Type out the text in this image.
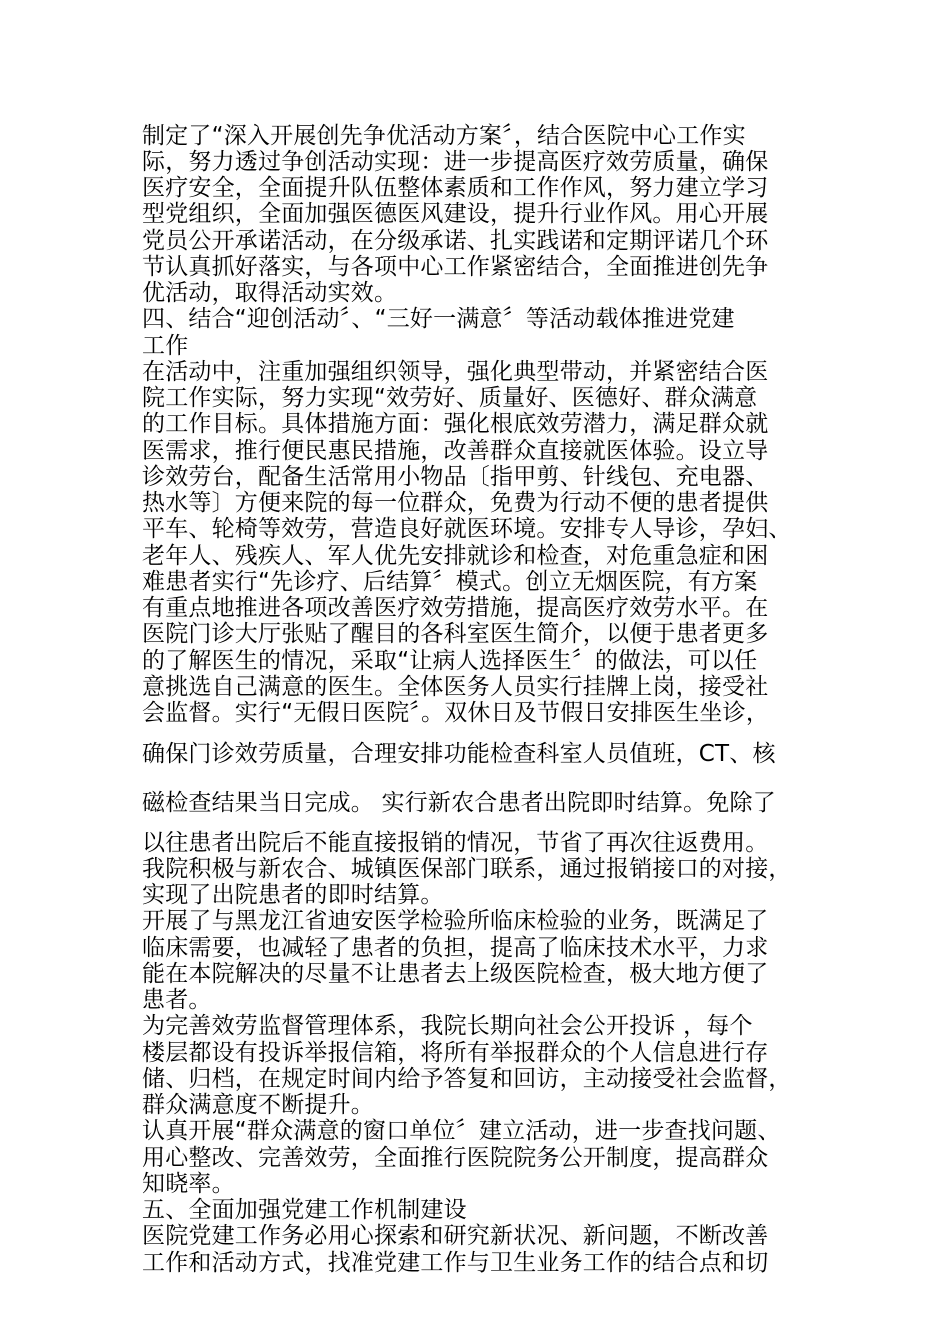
制定了“深入开展创先争优活动方案〞，结合医院中心工作实
际，努力透过争创活动实现：进一步提高医疗效劳质量，确保
医疗安全，全面提升队伍整体素质和工作作风，努力建立学习
型党组织，全面加强医德医风建设，提升行业作风。用心开展
党员公开承诺活动，在分级承诺、扎实践诺和定期评诺几个环
节认真抓好落实，与各项中心工作紧密结合，全面推进创先争
优活动，取得活动实效。
四、结合“迎创活动〞、“三好一满意〞等活动载体推进党建
工作
在活动中，注重加强组织领导，强化典型带动，并紧密结合医
院工作实际，努力实现“效劳好、质量好、医德好、群众满意
的工作目标。具体措施方面：强化根底效劳潜力，满足群众就
医需求，推行便民惠民措施，改善群众直接就医体验。设立导
诊效劳台，配备生活常用小物品〔指甲剪、针线包、充电器、
热水等〕方便来院的每一位群众，免费为行动不便的患者提供
平车、轮椅等效劳，营造良好就医环境。安排专人导诊，孕妇、
老年人、残疾人、军人优先安排就诊和检查，对危重急症和困
难患者实行“先诊疗、后结算〞模式。创立无烟医院，有方案
有重点地推进各项改善医疗效劳措施，提高医疗效劳水平。在
医院门诊大厅张贴了醒目的各科室医生简介，以便于患者更多
的了解医生的情况，采取“让病人选择医生〞的做法，可以任
意挑选自己满意的医生。全体医务人员实行挂牌上岗，接受社
会监督。实行“无假日医院〞。双休日及节假日安排医生坐诊，
确保门诊效劳质量，合理安排功能检查科室人员值班，CT、核
磁检查结果当日完成。 实行新农合患者出院即时结算。免除了
以往患者出院后不能直接报销的情况，节省了再次往返费用。
我院积极与新农合、城镇医保部门联系，通过报销接口的对接，
实现了出院患者的即时结算。
开展了与黑龙江省迪安医学检验所临床检验的业务，既满足了
临床需要，也减轻了患者的负担，提高了临床技术水平，力求
能在本院解决的尽量不让患者去上级医院检查，极大地方便了
患者。
为完善效劳监督管理体系，我院长期向社会公开投诉 ，每个
楼层都设有投诉举报信箱，将所有举报群众的个人信息进行存
储、归档，在规定时间内给予答复和回访，主动接受社会监督，
群众满意度不断提升。
认真开展“群众满意的窗口单位〞建立活动，进一步查找问题、
用心整改、完善效劳，全面推行医院院务公开制度，提高群众
知晓率。
五、全面加强党建工作机制建设
医院党建工作务必用心探索和研究新状况、新问题，不断改善
工作和活动方式，找准党建工作与卫生业务工作的结合点和切
